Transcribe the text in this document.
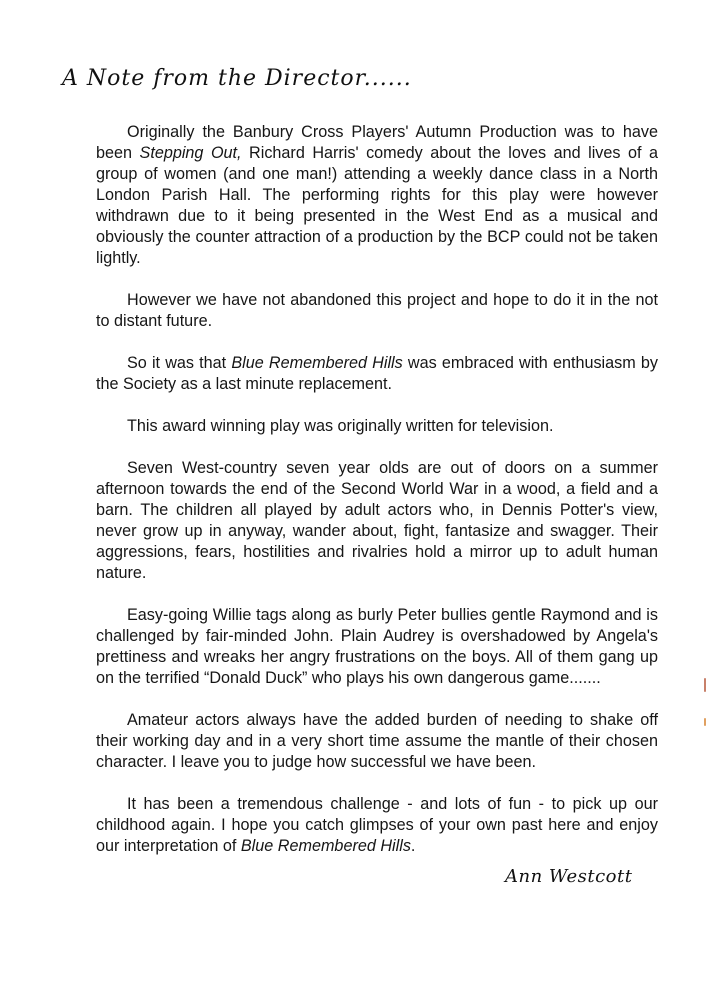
A Note from the Director......

Originally the Banbury Cross Players' Autumn Production was to have been Stepping Out, Richard Harris' comedy about the loves and lives of a group of women (and one man!) attending a weekly dance class in a North London Parish Hall. The performing rights for this play were however withdrawn due to it being presented in the West End as a musical and obviously the counter attraction of a production by the BCP could not be taken lightly.

However we have not abandoned this project and hope to do it in the not to distant future.

So it was that Blue Remembered Hills was embraced with enthusiasm by the Society as a last minute replacement.

This award winning play was originally written for television.

Seven West-country seven year olds are out of doors on a summer afternoon towards the end of the Second World War in a wood, a field and a barn. The children all played by adult actors who, in Dennis Potter's view, never grow up in anyway, wander about, fight, fantasize and swagger. Their aggressions, fears, hostilities and rivalries hold a mirror up to adult human nature.

Easy-going Willie tags along as burly Peter bullies gentle Raymond and is challenged by fair-minded John. Plain Audrey is overshadowed by Angela's prettiness and wreaks her angry frustrations on the boys. All of them gang up on the terrified “Donald Duck” who plays his own dangerous game.......

Amateur actors always have the added burden of needing to shake off their working day and in a very short time assume the mantle of their chosen character. I leave you to judge how successful we have been.

It has been a tremendous challenge - and lots of fun - to pick up our childhood again. I hope you catch glimpses of your own past here and enjoy our interpretation of Blue Remembered Hills.

Ann Westcott
